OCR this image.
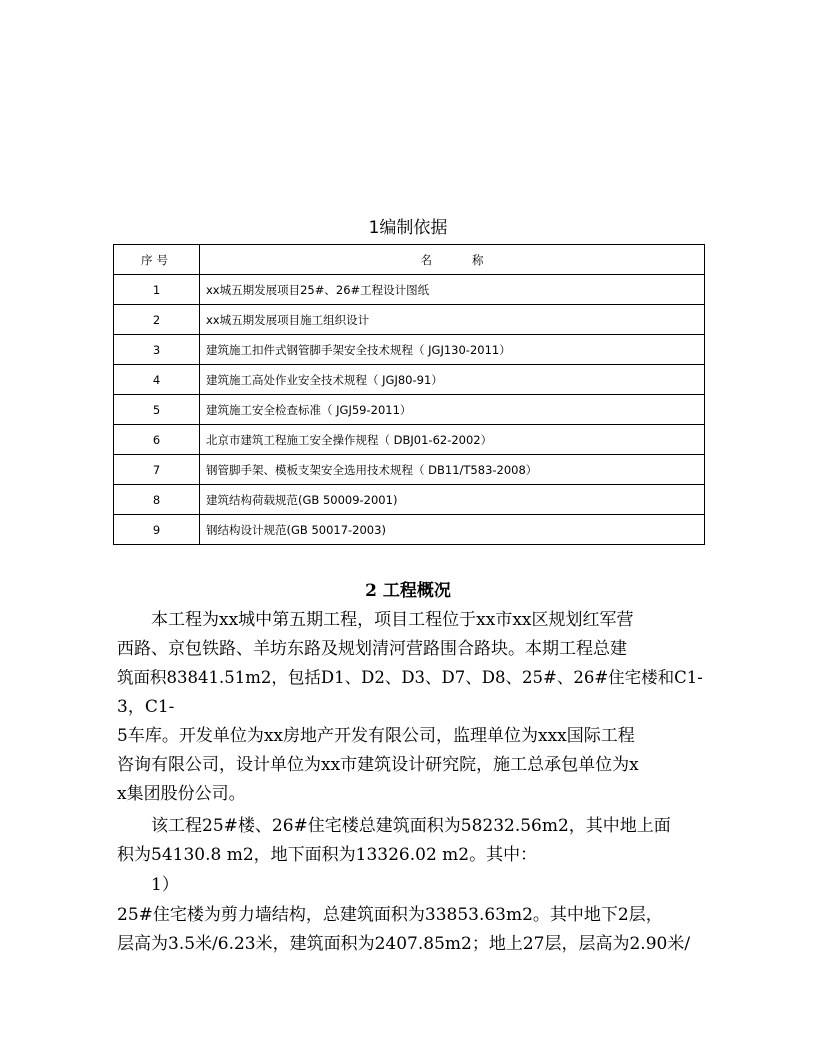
1编制依据
序号	名 称
1	xx城五期发展项目25#、26#工程设计图纸
2	xx城五期发展项目施工组织设计
3	建筑施工扣件式钢管脚手架安全技术规程（ JGJ130-2011）
4	建筑施工高处作业安全技术规程（ JGJ80-91）
5	建筑施工安全检查标准（ JGJ59-2011）
6	北京市建筑工程施工安全操作规程（ DBJ01-62-2002）
7	钢管脚手架、模板支架安全选用技术规程（ DB11/T583-2008）
8	建筑结构荷载规范(GB 50009-2001)
9	钢结构设计规范(GB 50017-2003)
2 工程概况
　　本工程为xx城中第五期工程，项目工程位于xx市xx区规划红军营
西路、京包铁路、羊坊东路及规划清河营路围合路块。本期工程总建
筑面积83841.51m2，包括D1、D2、D3、D7、D8、25#、26#住宅楼和C1-
3，C1-
5车库。开发单位为xx房地产开发有限公司，监理单位为xxx国际工程
咨询有限公司，设计单位为xx市建筑设计研究院，施工总承包单位为x
x集团股份公司。
　　该工程25#楼、26#住宅楼总建筑面积为58232.56m2，其中地上面
积为54130.8 m2，地下面积为13326.02 m2。其中：
　　1）
25#住宅楼为剪力墙结构，总建筑面积为33853.63m2。其中地下2层，
层高为3.5米/6.23米，建筑面积为2407.85m2；地上27层，层高为2.90米/
